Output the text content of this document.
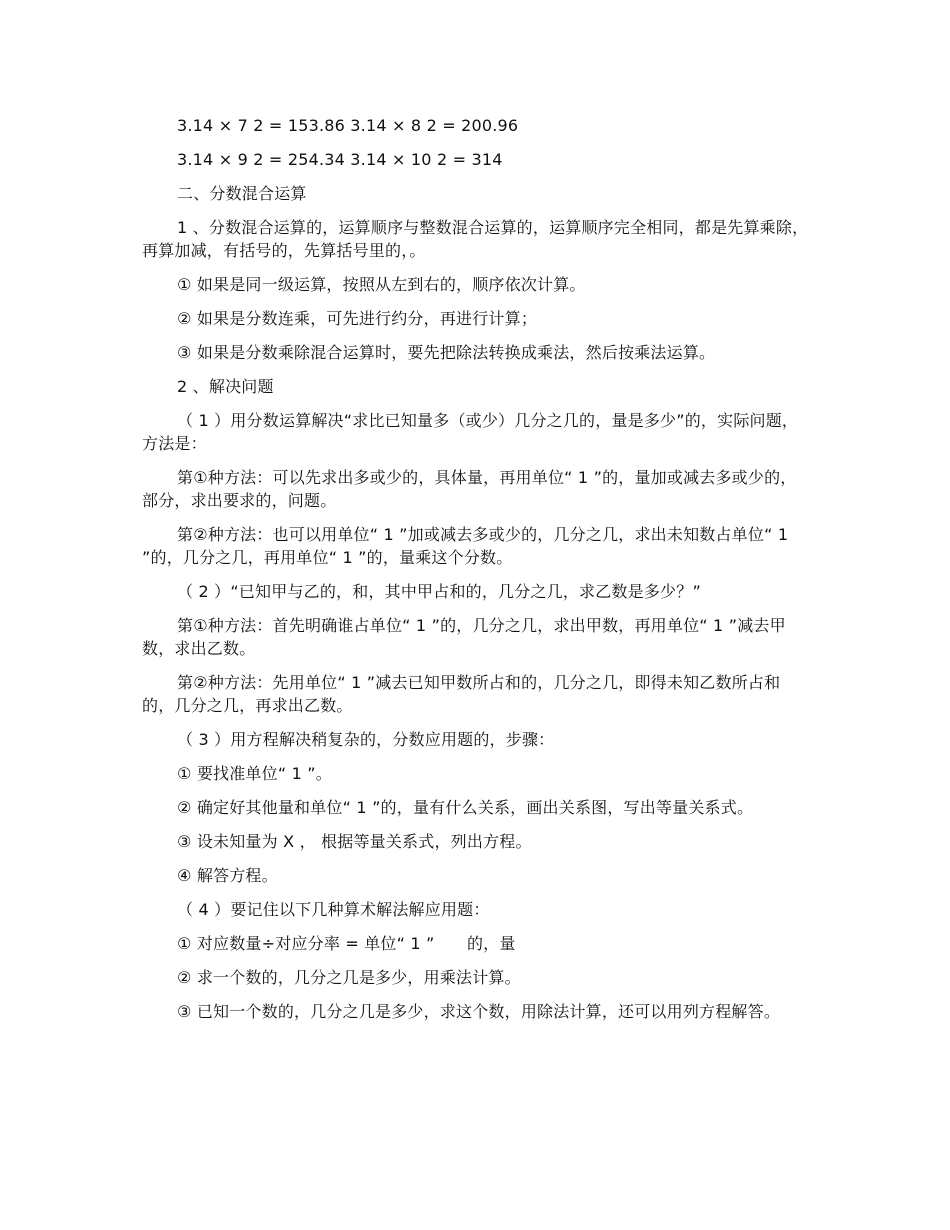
3.14 × 7 2 = 153.86 3.14 × 8 2 = 200.96

3.14 × 9 2 = 254.34 3.14 × 10 2 = 314

二、分数混合运算

1 、分数混合运算的，运算顺序与整数混合运算的，运算顺序完全相同，都是先算乘除，再算加减，有括号的，先算括号里的，。

① 如果是同一级运算，按照从左到右的，顺序依次计算。

② 如果是分数连乘，可先进行约分，再进行计算；

③ 如果是分数乘除混合运算时，要先把除法转换成乘法，然后按乘法运算。

2 、解决问题

（ 1 ）用分数运算解决“求比已知量多（或少）几分之几的，量是多少”的，实际问题，方法是：

第①种方法：可以先求出多或少的，具体量，再用单位“ 1 ”的，量加或减去多或少的，部分，求出要求的，问题。

第②种方法：也可以用单位“ 1 ”加或减去多或少的，几分之几，求出未知数占单位“ 1 ”的，几分之几，再用单位“ 1 ”的，量乘这个分数。

（ 2 ）“已知甲与乙的，和，其中甲占和的，几分之几，求乙数是多少？”

第①种方法：首先明确谁占单位“ 1 ”的，几分之几，求出甲数，再用单位“ 1 ”减去甲数，求出乙数。

第②种方法：先用单位“ 1 ”减去已知甲数所占和的，几分之几，即得未知乙数所占和的，几分之几，再求出乙数。

（ 3 ）用方程解决稍复杂的，分数应用题的，步骤：

① 要找准单位“ 1 ”。

② 确定好其他量和单位“ 1 ”的，量有什么关系，画出关系图，写出等量关系式。

③ 设未知量为 X ， 根据等量关系式，列出方程。

④ 解答方程。

（ 4 ）要记住以下几种算术解法解应用题：

① 对应数量÷对应分率 = 单位“ 1 ”　　的，量

② 求一个数的，几分之几是多少，用乘法计算。

③ 已知一个数的，几分之几是多少，求这个数，用除法计算，还可以用列方程解答。
